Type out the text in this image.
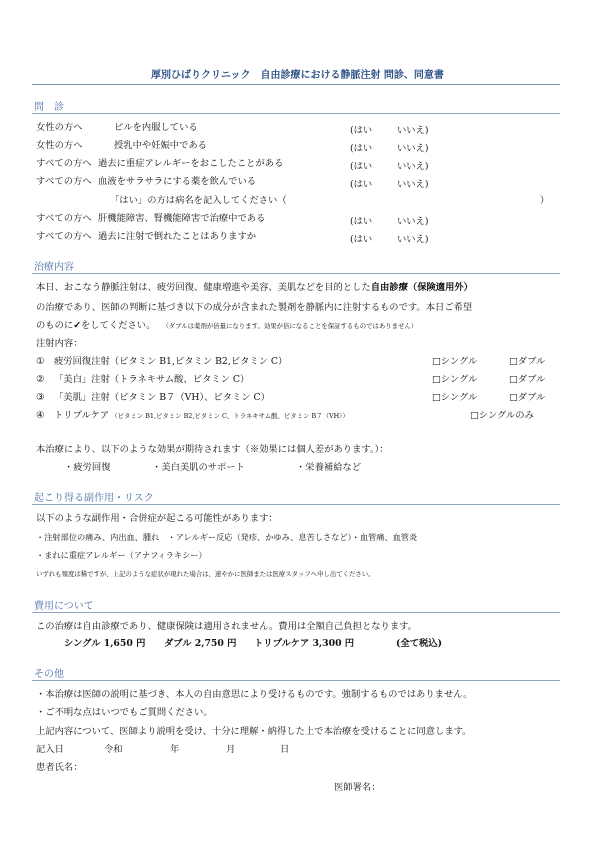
厚別ひばりクリニック　自由診療における静脈注射 問診、同意書
問　診
女性の方へ	ピルを内服している	(はい	いいえ)
女性の方へ	授乳中や妊娠中である	(はい	いいえ)
すべての方へ 過去に重症アレルギーをおこしたことがある	(はい	いいえ)
すべての方へ 血液をサラサラにする薬を飲んでいる	(はい	いいえ)
「はい」の方は病名を記入してください（	）
すべての方へ 肝機能障害、腎機能障害で治療中である	(はい	いいえ)
すべての方へ 過去に注射で倒れたことはありますか	(はい	いいえ)
治療内容
本日、おこなう静脈注射は、疲労回復、健康増進や美容、美肌などを目的とした自由診療（保険適用外）
の治療であり、医師の判断に基づき以下の成分が含まれた製剤を静脈内に注射するものです。本日ご希望
のものに✓をしてください。 （ダブルは薬剤が倍量になります。効果が倍になることを保証するものではありません）
注射内容：
① 疲労回復注射（ビタミン B1,ビタミン B2,ビタミン C）	□シングル	□ダブル
② 「美白」注射（トラネキサム酸、ビタミン C）	□シングル	□ダブル
③ 「美肌」注射（ビタミン B７（VH）、ビタミン C）	□シングル	□ダブル
④ トリプルケア （ビタミン B1,ビタミン B2,ビタミン C、トラネキサム酸、ビタミン B７（VH））	□シングルのみ
本治療により、以下のような効果が期待されます（※効果には個人差があります。）：
・疲労回復	・美白美肌のサポート	・栄養補給など
起こり得る副作用・リスク
以下のような副作用・合併症が起こる可能性があります：
・注射部位の痛み、内出血、腫れ　・アレルギー反応（発疹、かゆみ、息苦しさなど）・血管痛、血管炎
・まれに重症アレルギー（アナフィラキシー）
いずれも頻度は稀ですが、上記のような症状が現れた場合は、速やかに医師または医療スタッフへ申し出てください。
費用について
この治療は自由診療であり、健康保険は適用されません。費用は全額自己負担となります。
シングル 1,650 円 ダブル 2,750 円 トリプルケア 3,300 円	(全て税込)
その他
・本治療は医師の説明に基づき、本人の自由意思により受けるものです。強制するものではありません。
・ご不明な点はいつでもご質問ください。
上記内容について、医師より説明を受け、十分に理解・納得した上で本治療を受けることに同意します。
記入日	令和	年	月	日
患者氏名：
医師署名：
